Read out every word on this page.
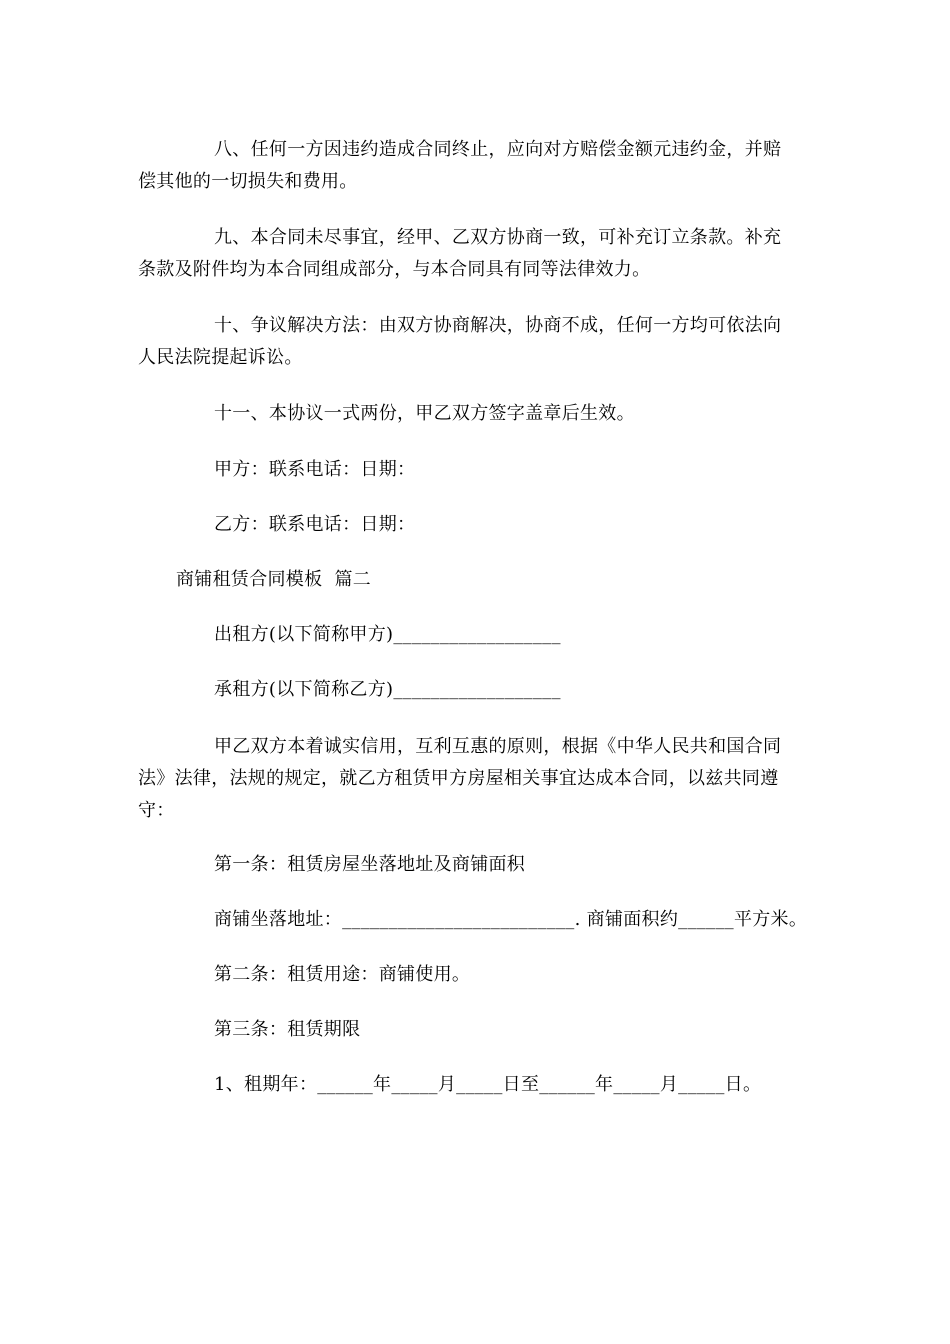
八、任何一方因违约造成合同终止，应向对方赔偿金额元违约金，并赔
偿其他的一切损失和费用。
九、本合同未尽事宜，经甲、乙双方协商一致，可补充订立条款。补充
条款及附件均为本合同组成部分，与本合同具有同等法律效力。
十、争议解决方法：由双方协商解决，协商不成，任何一方均可依法向
人民法院提起诉讼。
十一、本协议一式两份，甲乙双方签字盖章后生效。
甲方：联系电话：日期：
乙方：联系电话：日期：
商铺租赁合同模板  篇二
出租方(以下简称甲方)__________________
承租方(以下简称乙方)__________________
甲乙双方本着诚实信用，互利互惠的原则，根据《中华人民共和国合同
法》法律，法规的规定，就乙方租赁甲方房屋相关事宜达成本合同，以兹共同遵
守：
第一条：租赁房屋坐落地址及商铺面积
商铺坐落地址：_________________________. 商铺面积约______平方米。
第二条：租赁用途：商铺使用。
第三条：租赁期限
1、租期年：______年_____月_____日至______年_____月_____日。
